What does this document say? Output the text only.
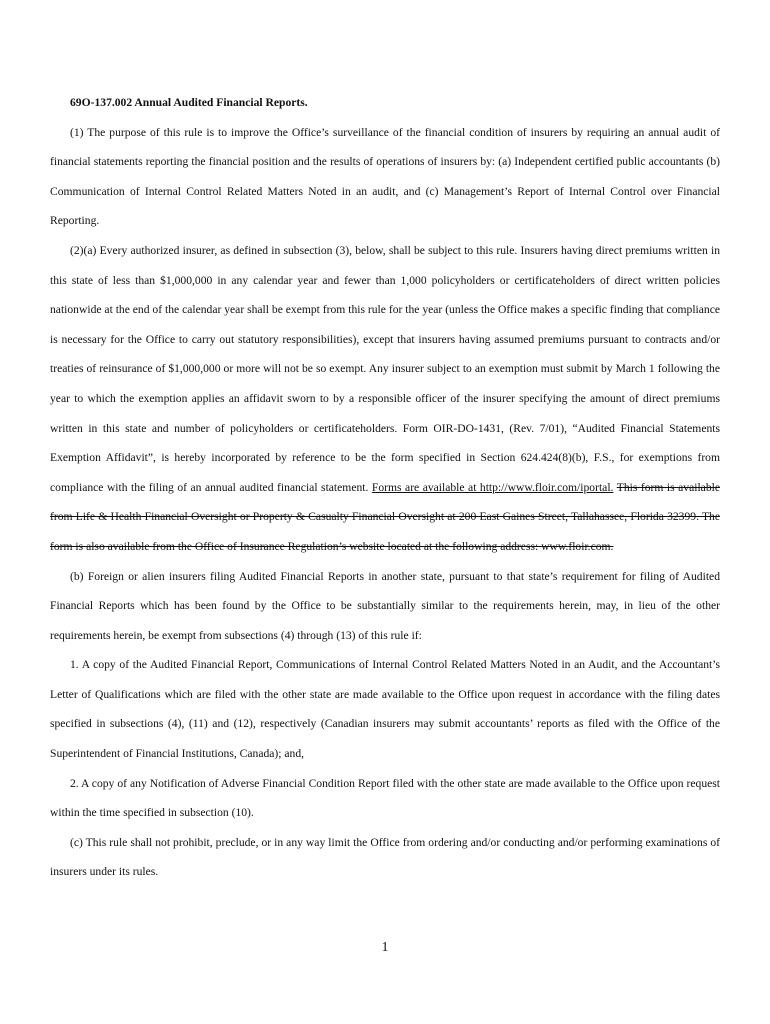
69O-137.002 Annual Audited Financial Reports.

(1) The purpose of this rule is to improve the Office’s surveillance of the financial condition of insurers by requiring an annual audit of financial statements reporting the financial position and the results of operations of insurers by: (a) Independent certified public accountants (b) Communication of Internal Control Related Matters Noted in an audit, and (c) Management’s Report of Internal Control over Financial Reporting.

(2)(a) Every authorized insurer, as defined in subsection (3), below, shall be subject to this rule. Insurers having direct premiums written in this state of less than $1,000,000 in any calendar year and fewer than 1,000 policyholders or certificateholders of direct written policies nationwide at the end of the calendar year shall be exempt from this rule for the year (unless the Office makes a specific finding that compliance is necessary for the Office to carry out statutory responsibilities), except that insurers having assumed premiums pursuant to contracts and/or treaties of reinsurance of $1,000,000 or more will not be so exempt. Any insurer subject to an exemption must submit by March 1 following the year to which the exemption applies an affidavit sworn to by a responsible officer of the insurer specifying the amount of direct premiums written in this state and number of policyholders or certificateholders. Form OIR-DO-1431, (Rev. 7/01), “Audited Financial Statements Exemption Affidavit”, is hereby incorporated by reference to be the form specified in Section 624.424(8)(b), F.S., for exemptions from compliance with the filing of an annual audited financial statement. Forms are available at http://www.floir.com/iportal. This form is available from Life & Health Financial Oversight or Property & Casualty Financial Oversight at 200 East Gaines Street, Tallahassee, Florida 32399. The form is also available from the Office of Insurance Regulation’s website located at the following address: www.floir.com.

(b) Foreign or alien insurers filing Audited Financial Reports in another state, pursuant to that state’s requirement for filing of Audited Financial Reports which has been found by the Office to be substantially similar to the requirements herein, may, in lieu of the other requirements herein, be exempt from subsections (4) through (13) of this rule if:

1. A copy of the Audited Financial Report, Communications of Internal Control Related Matters Noted in an Audit, and the Accountant’s Letter of Qualifications which are filed with the other state are made available to the Office upon request in accordance with the filing dates specified in subsections (4), (11) and (12), respectively (Canadian insurers may submit accountants’ reports as filed with the Office of the Superintendent of Financial Institutions, Canada); and,

2. A copy of any Notification of Adverse Financial Condition Report filed with the other state are made available to the Office upon request within the time specified in subsection (10).

(c) This rule shall not prohibit, preclude, or in any way limit the Office from ordering and/or conducting and/or performing examinations of insurers under its rules.

1
